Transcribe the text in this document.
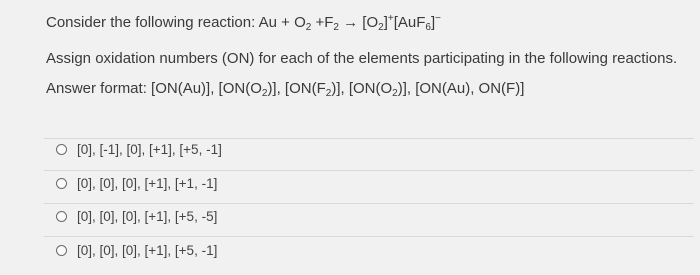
Consider the following reaction: $Au + O_2 +F_2 \to [O_2]^+[AuF_6]^-$
Assign oxidation numbers (ON) for each of the elements participating in the following reactions.
Answer format: [ON(Au)], $[ON(O_2)]$, $[ON(F_2)]$, $[ON(O_2)]$, [ON(Au), ON(F)]
[0], [-1], [0], [+1], [+5, -1]
[0], [0], [0], [+1], [+1, -1]
[0], [0], [0], [+1], [+5, -5]
[0], [0], [0], [+1], [+5, -1]
